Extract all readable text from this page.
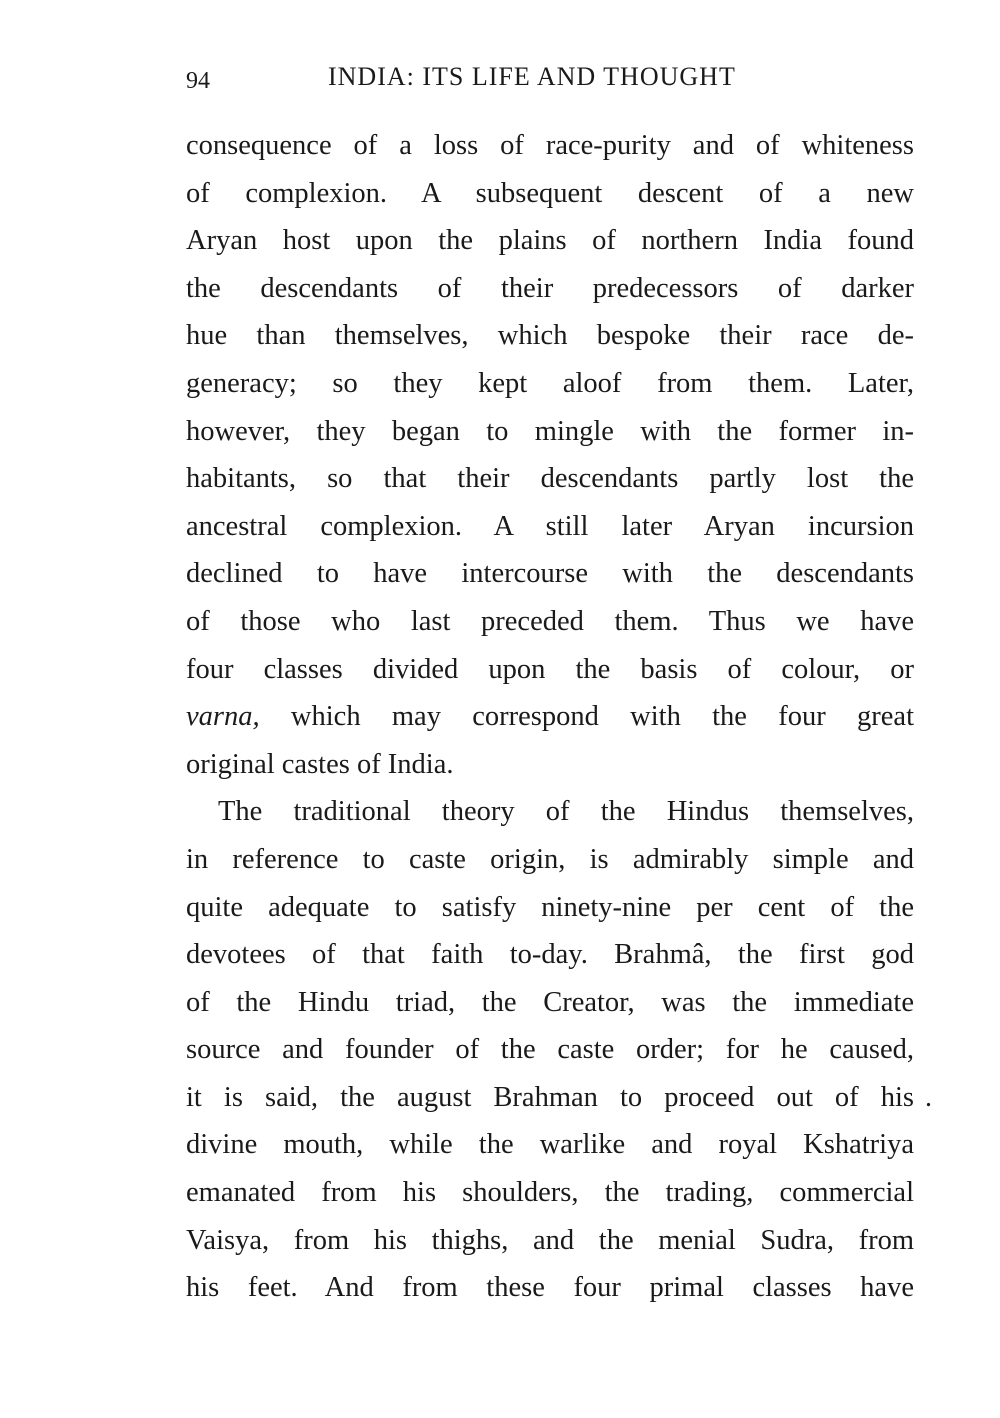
94	INDIA: ITS LIFE AND THOUGHT
consequence of a loss of race-purity and of whiteness
of complexion. A subsequent descent of a new
Aryan host upon the plains of northern India found
the descendants of their predecessors of darker
hue than themselves, which bespoke their race de-
generacy; so they kept aloof from them. Later,
however, they began to mingle with the former in-
habitants, so that their descendants partly lost the
ancestral complexion. A still later Aryan incursion
declined to have intercourse with the descendants
of those who last preceded them. Thus we have
four classes divided upon the basis of colour, or
varna, which may correspond with the four great
original castes of India.
The traditional theory of the Hindus themselves,
in reference to caste origin, is admirably simple and
quite adequate to satisfy ninety-nine per cent of the
devotees of that faith to-day. Brahmâ, the first god
of the Hindu triad, the Creator, was the immediate
source and founder of the caste order; for he caused,
it is said, the august Brahman to proceed out of his
divine mouth, while the warlike and royal Kshatriya
emanated from his shoulders, the trading, commercial
Vaisya, from his thighs, and the menial Sudra, from
his feet. And from these four primal classes have
.
